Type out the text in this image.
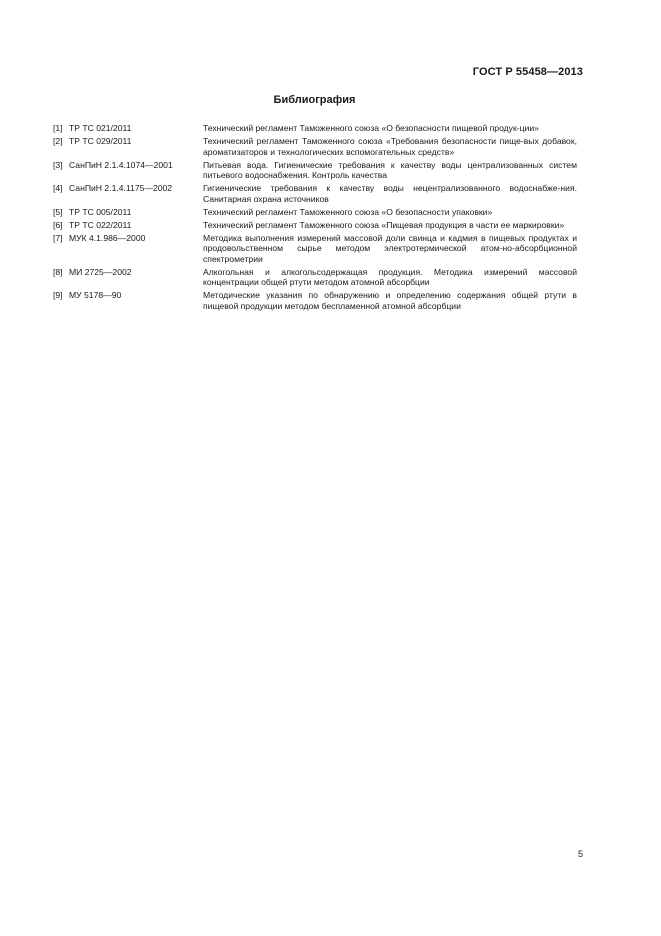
ГОСТ Р 55458—2013

Библиография
[1] ТР ТС 021/2011	Технический регламент Таможенного союза «О безопасности пищевой продук-ции»
[2] ТР ТС 029/2011	Технический регламент Таможенного союза «Требования безопасности пище-вых добавок, ароматизаторов и технологических вспомогательных средств»
[3] СанПиН 2.1.4.1074—2001	Питьевая вода. Гигиенические требования к качеству воды централизованных систем питьевого водоснабжения. Контроль качества
[4] СанПиН 2.1.4.1175—2002	Гигиенические требования к качеству воды нецентрализованного водоснабже-ния. Санитарная охрана источников
[5] ТР ТС 005/2011	Технический регламент Таможенного союза «О безопасности упаковки»
[6] ТР ТС 022/2011	Технический регламент Таможенного союза «Пищевая продукция в части ее маркировки»
[7] МУК 4.1.986—2000	Методика выполнения измерений массовой доли свинца и кадмия в пищевых продуктах и продовольственном сырье методом электротермической атом-но-абсорбционной спектрометрии
[8] МИ 2725—2002	Алкогольная и алкогольсодержащая продукция. Методика измерений массовой концентрации общей ртути методом атомной абсорбции
[9] МУ 5178—90	Методические указания по обнаружению и определению содержания общей ртути в пищевой продукции методом беспламенной атомной абсорбции

5
